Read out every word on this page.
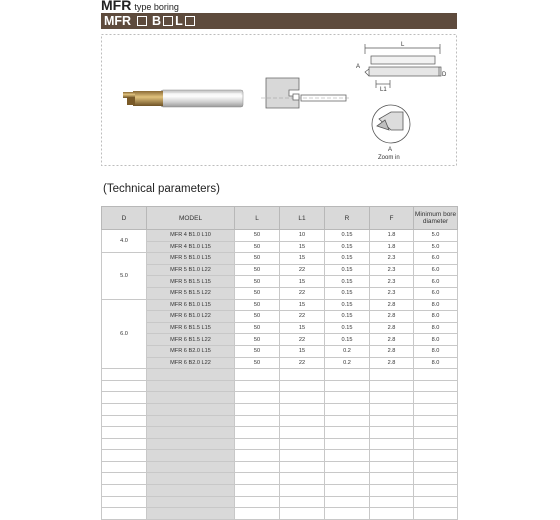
MFR type boring
MFR B L
L
A
D
L1
A
Zoom in
(Technical parameters)
D	MODEL	L	L1	R	F	Minimum bore
diameter
4.0	MFR 4 B1.0 L10	50	10	0.15	1.8	5.0
	MFR 4 B1.0 L15	50	15	0.15	1.8	5.0
5.0	MFR 5 B1.0 L15	50	15	0.15	2.3	6.0
	MFR 5 B1.0 L22	50	22	0.15	2.3	6.0
	MFR 5 B1.5 L15	50	15	0.15	2.3	6.0
	MFR 5 B1.5 L22	50	22	0.15	2.3	6.0
6.0	MFR 6 B1.0 L15	50	15	0.15	2.8	8.0
	MFR 6 B1.0 L22	50	22	0.15	2.8	8.0
	MFR 6 B1.5 L15	50	15	0.15	2.8	8.0
	MFR 6 B1.5 L22	50	22	0.15	2.8	8.0
	MFR 6 B2.0 L15	50	15	0.2	2.8	8.0
	MFR 6 B2.0 L22	50	22	0.2	2.8	8.0
